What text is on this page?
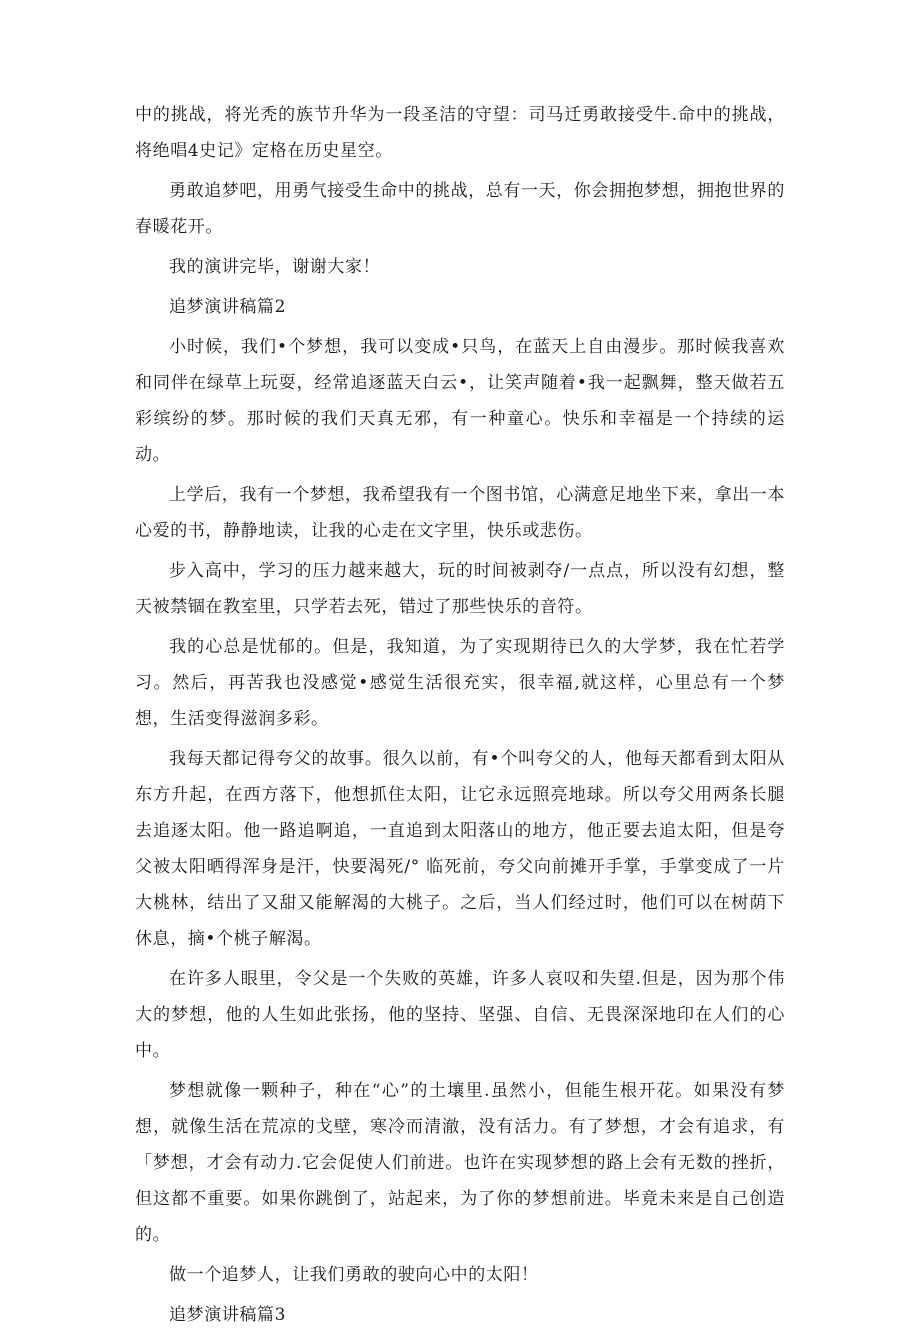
中的挑战，将光秃的族节升华为一段圣洁的守望：司马迁勇敢接受牛.命中的挑战，将绝唱4史记》定格在历史星空。

勇敢追梦吧，用勇气接受生命中的挑战，总有一天，你会拥抱梦想，拥抱世界的春暖花开。

我的演讲完毕，谢谢大家！

追梦演讲稿篇2

小时候，我们•个梦想，我可以变成•只鸟，在蓝天上自由漫步。那时候我喜欢和同伴在绿草上玩耍，经常追逐蓝天白云•，让笑声随着•我一起飘舞，整天做若五彩缤纷的梦。那时候的我们天真无邪，有一种童心。快乐和幸福是一个持续的运动。

上学后，我有一个梦想，我希望我有一个图书馆，心满意足地坐下来，拿出一本心爱的书，静静地读，让我的心走在文字里，快乐或悲伤。

步入高中，学习的压力越来越大，玩的时间被剥夺/一点点，所以没有幻想，整天被禁锢在教室里，只学若去死，错过了那些快乐的音符。

我的心总是忧郁的。但是，我知道，为了实现期待已久的大学梦，我在忙若学习。然后，再苦我也没感觉•感觉生活很充实，很幸福,就这样，心里总有一个梦想，生活变得滋润多彩。

我每天都记得夸父的故事。很久以前，有•个叫夸父的人，他每天都看到太阳从东方升起，在西方落下，他想抓住太阳，让它永远照亮地球。所以夸父用两条长腿去追逐太阳。他一路追啊追，一直追到太阳落山的地方，他正要去追太阳，但是夸父被太阳晒得浑身是汗，快要渴死/° 临死前，夸父向前摊开手掌，手掌变成了一片大桃林，结出了又甜又能解渴的大桃子。之后，当人们经过时，他们可以在树荫下休息，摘•个桃子解渴。

在许多人眼里，令父是一个失败的英雄，许多人哀叹和失望.但是，因为那个伟大的梦想，他的人生如此张扬，他的坚持、坚强、自信、无畏深深地印在人们的心中。

梦想就像一颗种子，种在“心”的土壤里.虽然小，但能生根开花。如果没有梦想，就像生活在荒凉的戈壁，寒冷而清澈，没有活力。有了梦想，才会有追求，有「梦想，才会有动力.它会促使人们前进。也许在实现梦想的路上会有无数的挫折，但这都不重要。如果你跳倒了，站起来，为了你的梦想前进。毕竟未来是自己创造的。

做一个追梦人，让我们勇敢的驶向心中的太阳！

追梦演讲稿篇3
